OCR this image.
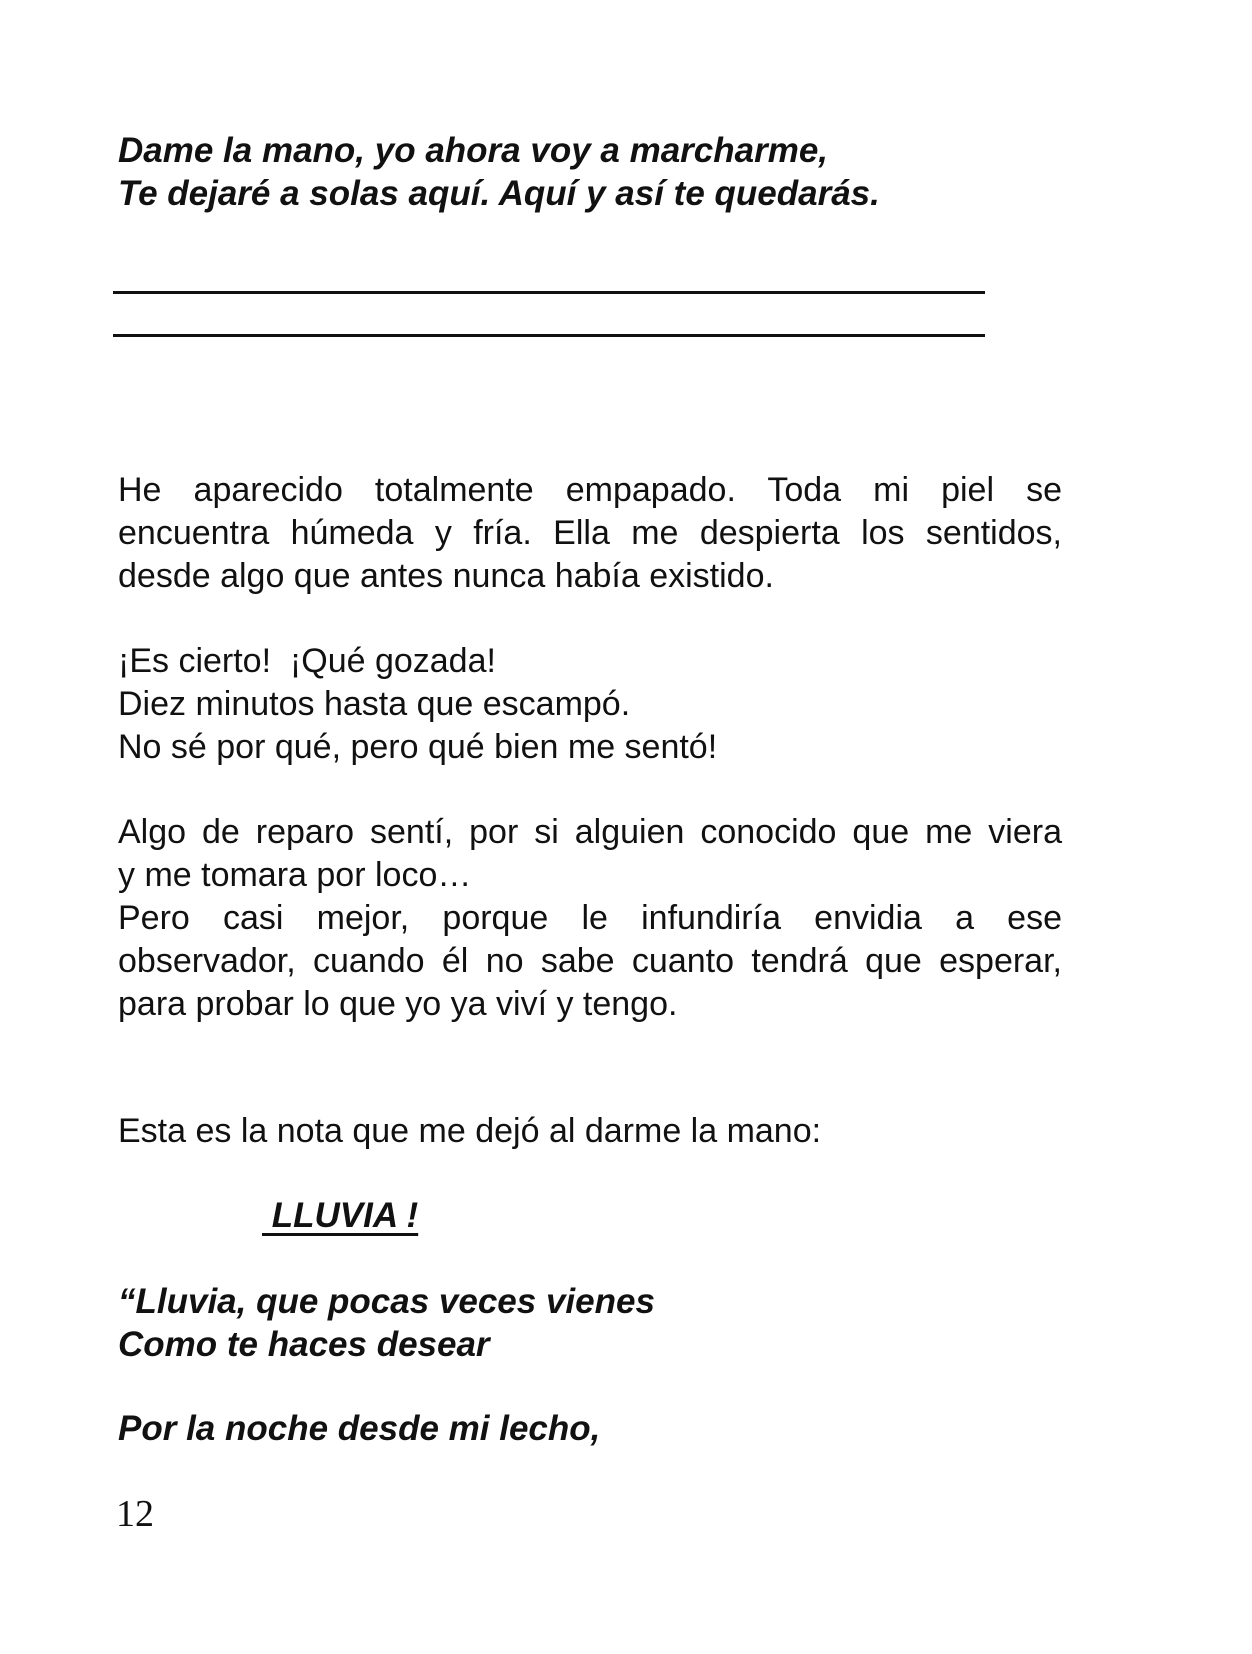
Dame la mano, yo ahora voy a marcharme,
Te dejaré a solas aquí. Aquí y así te quedarás.
He aparecido totalmente empapado. Toda mi piel se
encuentra húmeda y fría. Ella me despierta los sentidos,
desde algo que antes nunca había existido.
¡Es cierto!  ¡Qué gozada!
Diez minutos hasta que escampó.
No sé por qué, pero qué bien me sentó!
Algo de reparo sentí, por si alguien conocido que me viera
y me tomara por loco…
Pero casi mejor, porque le infundiría envidia a ese
observador, cuando él no sabe cuanto tendrá que esperar,
para probar lo que yo ya viví y tengo.
Esta es la nota que me dejó al darme la mano:
LLUVIA !
“Lluvia, que pocas veces vienes
Como te haces desear
Por la noche desde mi lecho,
12
